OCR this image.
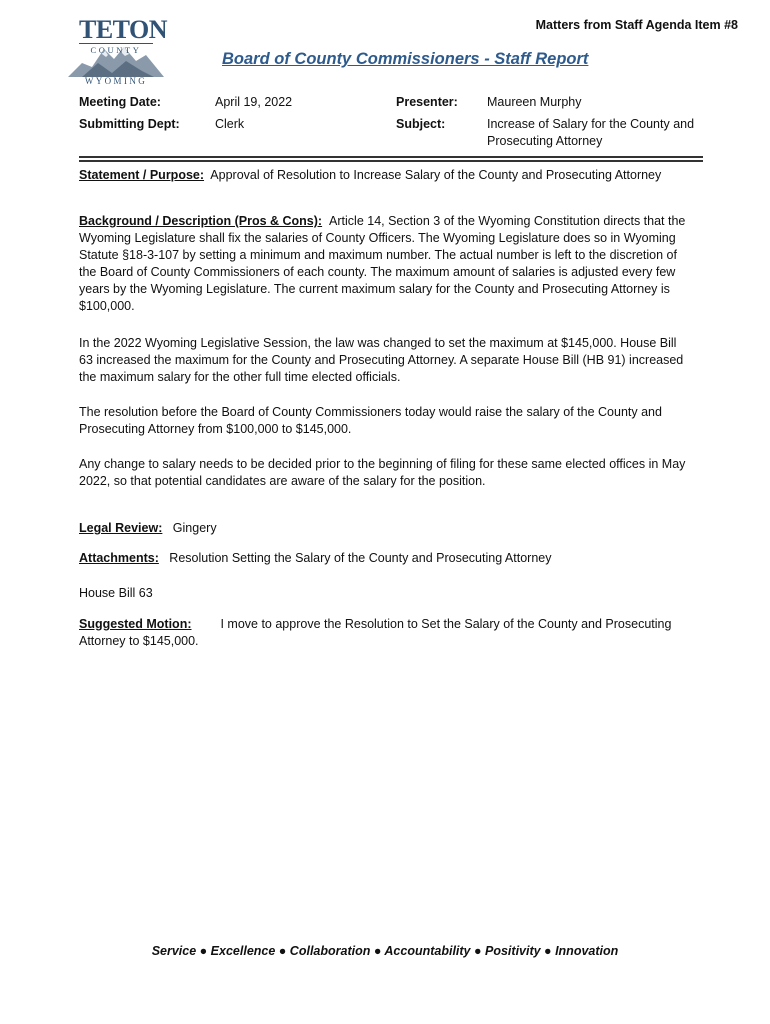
TETON
COUNTY
WYOMING
Matters from Staff Agenda Item #8
Board of County Commissioners - Staff Report
Meeting Date:	April 19, 2022
Submitting Dept:	Clerk
Presenter: Maureen Murphy
Subject:	Increase of Salary for the County and
Prosecuting Attorney
Statement / Purpose: Approval of Resolution to Increase Salary of the County and Prosecuting Attorney
Background / Description (Pros & Cons): Article 14, Section 3 of the Wyoming Constitution directs that the
Wyoming Legislature shall fix the salaries of County Officers. The Wyoming Legislature does so in Wyoming
Statute §18-3-107 by setting a minimum and maximum number. The actual number is left to the discretion of
the Board of County Commissioners of each county. The maximum amount of salaries is adjusted every few
years by the Wyoming Legislature. The current maximum salary for the County and Prosecuting Attorney is
$100,000.
In the 2022 Wyoming Legislative Session, the law was changed to set the maximum at $145,000. House Bill
63 increased the maximum for the County and Prosecuting Attorney. A separate House Bill (HB 91) increased
the maximum salary for the other full time elected officials.
The resolution before the Board of County Commissioners today would raise the salary of the County and
Prosecuting Attorney from $100,000 to $145,000.
Any change to salary needs to be decided prior to the beginning of filing for these same elected offices in May
2022, so that potential candidates are aware of the salary for the position.
Legal Review: Gingery
Attachments: Resolution Setting the Salary of the County and Prosecuting Attorney
House Bill 63
Suggested Motion: I move to approve the Resolution to Set the Salary of the County and Prosecuting
Attorney to $145,000.
Service ● Excellence ● Collaboration ● Accountability ● Positivity ● Innovation
